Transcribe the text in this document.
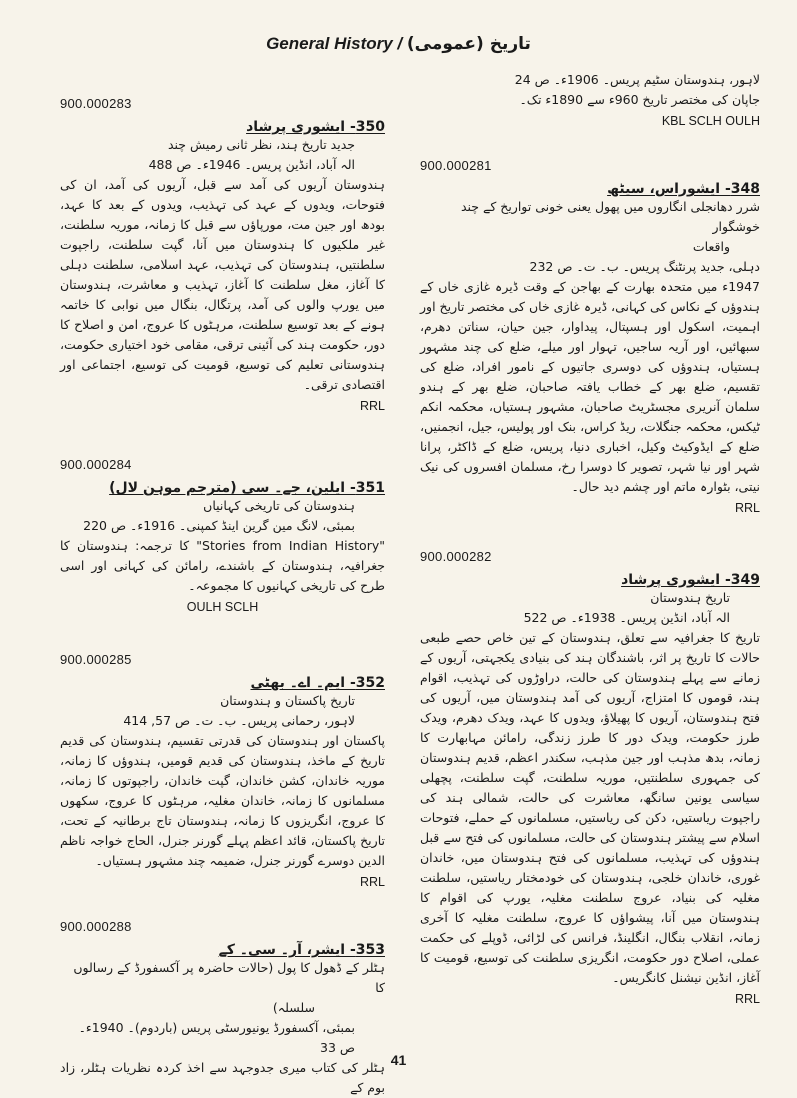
General History / تاریخ (عمومی)
900.000283
350- ایشوری پرشاد
جدید تاریخ ہند، نظر ثانی رمیش چند
الہ آباد، انڈین پریس۔ 1946ء۔ ص 488

ہندوستان آریوں کی آمد سے قبل، آریوں کی آمد، ان کی فتوحات، ویدوں کے عہد کی تہذیب، ویدوں کے بعد کا عہد، بودھ اور جین مت، مورپاؤں سے قبل کا زمانہ، موریہ سلطنت، غیر ملکیوں کا ہندوستان میں آنا، گپت سلطنت، راجپوت سلطنتیں، ہندوستان کی تہذیب، عہد اسلامی، سلطنت دہلی کا آغاز، مغل سلطنت کا آغاز، تہذیب و معاشرت، ہندوستان میں یورپ والوں کی آمد، پرتگال، بنگال میں نوابی کا خاتمہ ہونے کے بعد توسیع سلطنت، مرہٹوں کا عروج، امن و اصلاح کا دور، حکومت ہند کی آئینی ترقی، مقامی خود اختیاری حکومت، ہندوستانی تعلیم کی توسیع، قومیت کی توسیع، اجتماعی اور اقتصادی ترقی۔

RRL
900.000284
351- ایلین، جے۔ سی (مترجم موہن لال)
ہندوستان کی تاریخی کہانیاں
بمبئی، لانگ مین گرین اینڈ کمپنی۔ 1916ء۔ ص 220

"Stories from Indian History" کا ترجمہ: ہندوستان کا جغرافیہ، ہندوستان کے باشندے، رامائن کی کہانی اور اسی طرح کی تاریخی کہانیوں کا مجموعہ۔

OULH SCLH
900.000285
352- ایم۔ اے۔ بھٹی
تاریخ پاکستان و ہندوستان
لاہور، رحمانی پریس۔ ب۔ ت۔ ص 57, 414

پاکستان اور ہندوستان کی قدرتی تقسیم، ہندوستان کی قدیم تاریخ کے ماخذ، ہندوستان کی قدیم قومیں، ہندوؤں کا زمانہ، موریہ خاندان، کشن خاندان، گپت خاندان، راجپوتوں کا زمانہ، مسلمانوں کا زمانہ، خاندان مغلیہ، مرہٹوں کا عروج، سکھوں کا عروج، انگریزوں کا زمانہ، ہندوستان تاج برطانیہ کے تحت، تاریخ پاکستان، قائد اعظم پہلے گورنر جنرل، الحاج خواجہ ناظم الدین دوسرے گورنر جنرل، ضمیمہ چند مشہور ہستیاں۔

RRL
900.000288
353- ایشر، آر۔ سی۔ کے
ہٹلر کے ڈھول کا پول (حالات حاضرہ پر آکسفورڈ کے رسالوں کا
سلسلہ)
بمبئی، آکسفورڈ یونیورسٹی پریس (باردوم)۔ 1940ء۔ ص 33

ہٹلر کی کتاب میری جدوجہد سے اخذ کردہ نظریات ہٹلر، زاد بوم کے

لاہور، ہندوستان سٹیم پریس۔ 1906ء۔ ص 24
جاپان کی مختصر تاریخ 960ء سے 1890ء تک۔
KBL SCLH OULH
900.000281
348- ایشوراس، سیٹھ
شرر دھانجلی انگاروں میں پھول یعنی خونی تواریخ کے چند خوشگوار
واقعات
دہلی، جدید پرنٹنگ پریس۔ ب۔ ت۔ ص 232

1947ء میں متحدہ بھارت کے بھاجن کے وقت ڈیرہ غازی خاں کے ہندوؤں کے نکاس کی کہانی، ڈیرہ غازی خاں کی مختصر تاریخ اور اہمیت، اسکول اور ہسپتال، پیداوار، جین حیان، سناتن دھرم، سبھائیں، اور آریہ ساجیں، تہوار اور میلے، ضلع کی چند مشہور ہستیاں، ہندوؤں کی دوسری جاتیوں کے نامور افراد، ضلع کی تقسیم، ضلع بھر کے خطاب یافتہ صاحبان، ضلع بھر کے ہندو سلمان آنریری مجسٹریٹ صاحبان، مشہور ہستیاں، محکمہ انکم ٹیکس، محکمہ جنگلات، ریڈ کراس، بنک اور پولیس، جیل، انجمنیں، ضلع کے ایڈوکیٹ وکیل، اخباری دنیا، پریس، ضلع کے ڈاکٹر، پرانا شہر اور نیا شہر، تصویر کا دوسرا رخ، مسلمان افسروں کی نیک نیتی، بٹوارہ ماتم اور چشم دید حال۔

RRL
900.000282
349- ایشوری پرشاد
تاریخ ہندوستان
الہ آباد، انڈین پریس۔ 1938ء۔ ص 522

تاریخ کا جغرافیہ سے تعلق، ہندوستان کے تین خاص حصے طبعی حالات کا تاریخ پر اثر، باشندگان ہند کی بنیادی یکجہتی، آریوں کے زمانے سے پہلے ہندوستان کی حالت، دراوڑوں کی تہذیب، اقوام ہند، قوموں کا امتزاج، آریوں کی آمد ہندوستان میں، آریوں کی فتح ہندوستان، آریوں کا پھیلاؤ، ویدوں کا عہد، ویدک دھرم، ویدک طرز حکومت، ویدک دور کا طرز زندگی، رامائن مہابھارت کا زمانہ، بدھ مذہب اور جین مذہب، سکندر اعظم، قدیم ہندوستان کی جمہوری سلطنتیں، موریہ سلطنت، گپت سلطنت، پچھلی سیاسی یونین سانگھ، معاشرت کی حالت، شمالی ہند کی راجپوت ریاستیں، دکن کی ریاستیں، مسلمانوں کے حملے، فتوحات اسلام سے پیشتر ہندوستان کی حالت، مسلمانوں کی فتح سے قبل ہندوؤں کی تہذیب، مسلمانوں کی فتح ہندوستان میں، خاندان غوری، خاندان خلجی، ہندوستان کی خودمختار ریاستیں، سلطنت مغلیہ کی بنیاد، عروج سلطنت مغلیہ، یورپ کی اقوام کا ہندوستان میں آنا، پیشواؤں کا عروج، سلطنت مغلیہ کا آخری زمانہ، انقلاب بنگال، انگلینڈ، فرانس کی لڑائی، ڈوپلے کی حکمت عملی، اصلاح دور حکومت، انگریزی سلطنت کی توسیع، قومیت کا آغاز، انڈین نیشنل کانگریس۔

RRL
41
